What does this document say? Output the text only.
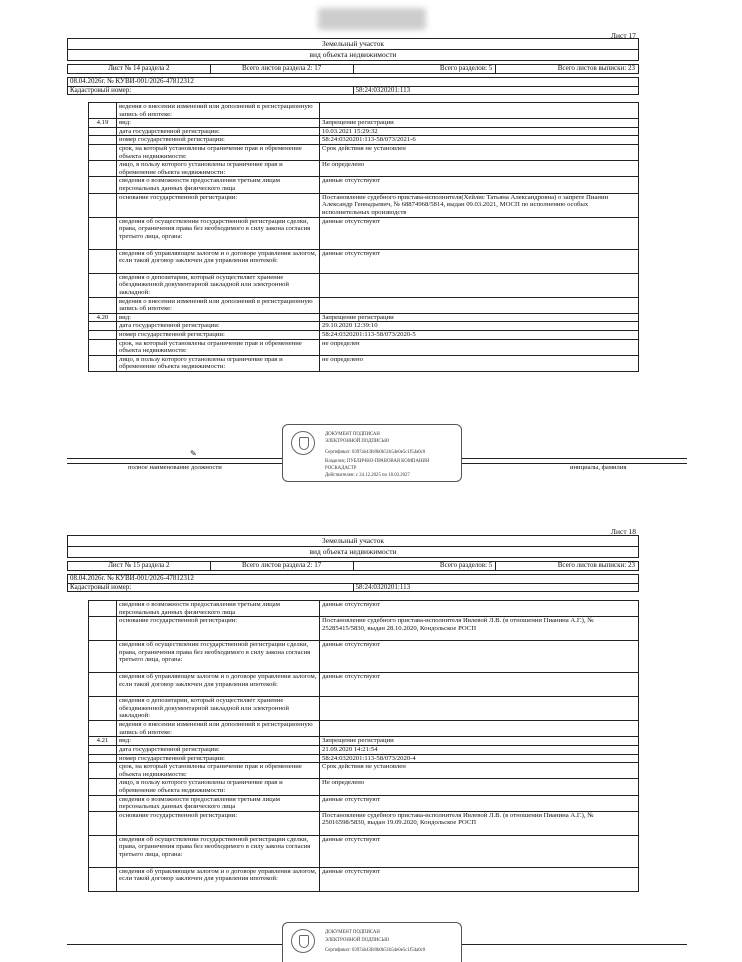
Лист 17
Земельный участок
вид объекта недвижимости
Лист № 14 раздела 2	Всего листов раздела 2: 17	Всего разделов: 5	Всего листов выписки: 23
08.04.2026г. № КУВИ-001/2026-47812312
Кадастровый номер:	58:24:0320201:113
	ведения о внесении изменений или дополнений в регистрационную запись об ипотеке:	
4.19	вид:	Запрещение регистрации
	дата государственной регистрации:	10.03.2021 15:29:32
	номер государственной регистрации:	58:24:0320201:113-58/073/2021-6
	срок, на который установлены ограничение прав и обременение объекта недвижимости:	Срок действия не установлен
	лицо, в пользу которого установлены ограничение прав и обременение объекта недвижимости:	Не определено
	сведения о возможности предоставления третьим лицам персональных данных физического лица	данные отсутствуют
	основание государственной регистрации:	Постановление судебного пристава-исполнителя(Хейлис Татьяна Александровна) о запрете Пианин Александр Геннадьевич, № 68874968/5814, выдан 09.03.2021, МОСП по исполнению особых исполнительных производств
	сведения об осуществлении государственной регистрации сделки, права, ограничения права без необходимого в силу закона согласия третьего лица, органа:	данные отсутствуют
	сведения об управляющем залогом и о договоре управления залогом, если такой договор заключен для управления ипотекой:	данные отсутствуют
	сведения о депозитарии, который осуществляет хранение обездвиженной документарной закладной или электронной закладной:	
	ведения о внесении изменений или дополнений в регистрационную запись об ипотеке:	
4.20	вид:	Запрещение регистрации
	дата государственной регистрации:	29.10.2020 12:39:10
	номер государственной регистрации:	58:24:0320201:113-58/073/2020-5
	срок, на который установлены ограничение прав и обременение объекта недвижимости:	не определен
	лицо, в пользу которого установлены ограничение прав и обременение объекта недвижимости:	не определено
✎
полное наименование должности	инициалы, фамилия
ДОКУМЕНТ ПОДПИСАН
ЭЛЕКТРОННОЙ ПОДПИСЬЮ
Сертификат: 0397ab43fe9b0b51b54e0e5c1f54a0c8
Владелец: ПУБЛИЧНО-ПРАВОВАЯ КОМПАНИЯ РОСКАДАСТР
Действителен: с 24.12.2025 по 18.03.2027
Лист 18
Земельный участок
вид объекта недвижимости
Лист № 15 раздела 2	Всего листов раздела 2: 17	Всего разделов: 5	Всего листов выписки: 23
08.04.2026г. № КУВИ-001/2026-47812312
Кадастровый номер:	58:24:0320201:113
	сведения о возможности предоставления третьим лицам персональных данных физического лица	данные отсутствуют
	основание государственной регистрации:	Постановление судебного пристава-исполнителя Ивлевой Л.В. (в отношении Пианина А.Г.), № 25285415/5830, выдан 28.10.2020, Кондольское РОСП
	сведения об осуществлении государственной регистрации сделки, права, ограничения права без необходимого в силу закона согласия третьего лица, органа:	данные отсутствуют
	сведения об управляющем залогом и о договоре управления залогом, если такой договор заключен для управления ипотекой:	данные отсутствуют
	сведения о депозитарии, который осуществляет хранение обездвиженной документарной закладной или электронной закладной:	
	ведения о внесении изменений или дополнений в регистрационную запись об ипотеке:	
4.21	вид:	Запрещение регистрации
	дата государственной регистрации:	21.09.2020 14:21:54
	номер государственной регистрации:	58:24:0320201:113-58/073/2020-4
	срок, на который установлены ограничение прав и обременение объекта недвижимости:	Срок действия не установлен
	лицо, в пользу которого установлены ограничение прав и обременение объекта недвижимости:	Не определено
	сведения о возможности предоставления третьим лицам персональных данных физического лица	данные отсутствуют
	основание государственной регистрации:	Постановление судебного пристава-исполнителя Ивлевой Л.В. (в отношении Пианина А.Г.), № 25016598/5830, выдан 19.09.2020, Кондольское РОСП
	сведения об осуществлении государственной регистрации сделки, права, ограничения права без необходимого в силу закона согласия третьего лица, органа:	данные отсутствуют
	сведения об управляющем залогом и о договоре управления залогом, если такой договор заключен для управления ипотекой:	данные отсутствуют
ДОКУМЕНТ ПОДПИСАН
ЭЛЕКТРОННОЙ ПОДПИСЬЮ
Сертификат: 0397ab43fe9b0b51b54e0e5c1f54a0c8
